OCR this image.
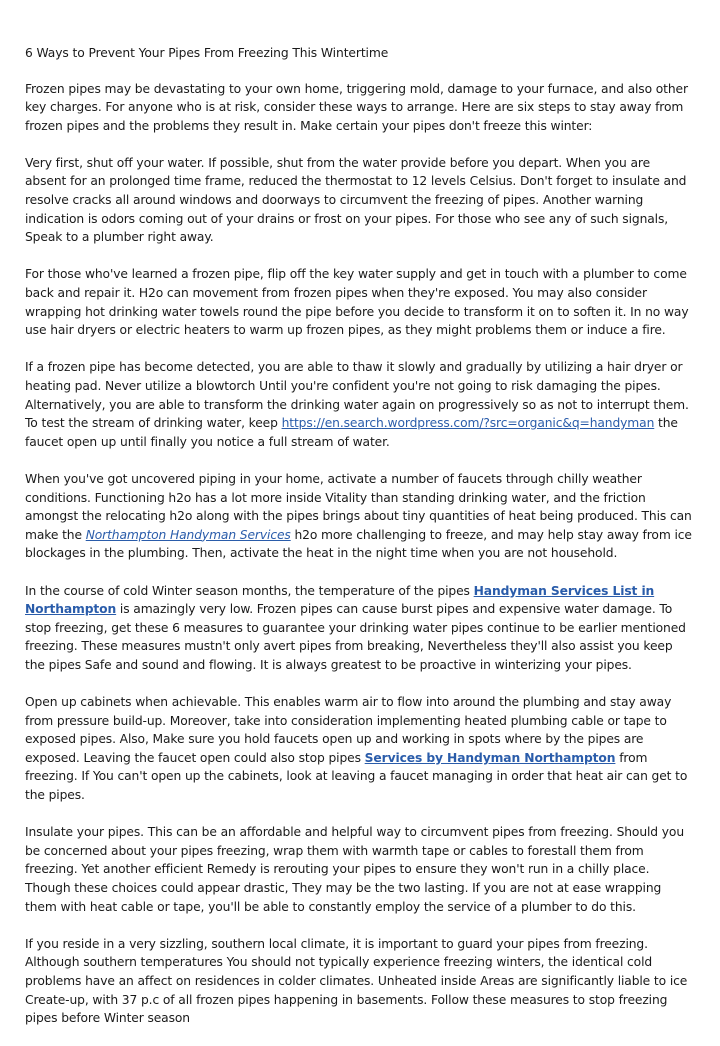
6 Ways to Prevent Your Pipes From Freezing This Wintertime

Frozen pipes may be devastating to your own home, triggering mold, damage to your furnace, and also other key charges. For anyone who is at risk, consider these ways to arrange. Here are six steps to stay away from frozen pipes and the problems they result in. Make certain your pipes don't freeze this winter:

Very first, shut off your water. If possible, shut from the water provide before you depart. When you are absent for an prolonged time frame, reduced the thermostat to 12 levels Celsius. Don't forget to insulate and resolve cracks all around windows and doorways to circumvent the freezing of pipes. Another warning indication is odors coming out of your drains or frost on your pipes. For those who see any of such signals, Speak to a plumber right away.

For those who've learned a frozen pipe, flip off the key water supply and get in touch with a plumber to come back and repair it. H2o can movement from frozen pipes when they're exposed. You may also consider wrapping hot drinking water towels round the pipe before you decide to transform it on to soften it. In no way use hair dryers or electric heaters to warm up frozen pipes, as they might problems them or induce a fire.

If a frozen pipe has become detected, you are able to thaw it slowly and gradually by utilizing a hair dryer or heating pad. Never utilize a blowtorch Until you're confident you're not going to risk damaging the pipes. Alternatively, you are able to transform the drinking water again on progressively so as not to interrupt them. To test the stream of drinking water, keep https://en.search.wordpress.com/?src=organic&q=handyman the faucet open up until finally you notice a full stream of water.

When you've got uncovered piping in your home, activate a number of faucets through chilly weather conditions. Functioning h2o has a lot more inside Vitality than standing drinking water, and the friction amongst the relocating h2o along with the pipes brings about tiny quantities of heat being produced. This can make the Northampton Handyman Services h2o more challenging to freeze, and may help stay away from ice blockages in the plumbing. Then, activate the heat in the night time when you are not household.

In the course of cold Winter season months, the temperature of the pipes Handyman Services List in Northampton is amazingly very low. Frozen pipes can cause burst pipes and expensive water damage. To stop freezing, get these 6 measures to guarantee your drinking water pipes continue to be earlier mentioned freezing. These measures mustn't only avert pipes from breaking, Nevertheless they'll also assist you keep the pipes Safe and sound and flowing. It is always greatest to be proactive in winterizing your pipes.

Open up cabinets when achievable. This enables warm air to flow into around the plumbing and stay away from pressure build-up. Moreover, take into consideration implementing heated plumbing cable or tape to exposed pipes. Also, Make sure you hold faucets open up and working in spots where by the pipes are exposed. Leaving the faucet open could also stop pipes Services by Handyman Northampton from freezing. If You can't open up the cabinets, look at leaving a faucet managing in order that heat air can get to the pipes.

Insulate your pipes. This can be an affordable and helpful way to circumvent pipes from freezing. Should you be concerned about your pipes freezing, wrap them with warmth tape or cables to forestall them from freezing. Yet another efficient Remedy is rerouting your pipes to ensure they won't run in a chilly place. Though these choices could appear drastic, They may be the two lasting. If you are not at ease wrapping them with heat cable or tape, you'll be able to constantly employ the service of a plumber to do this.

If you reside in a very sizzling, southern local climate, it is important to guard your pipes from freezing. Although southern temperatures You should not typically experience freezing winters, the identical cold problems have an affect on residences in colder climates. Unheated inside Areas are significantly liable to ice Create-up, with 37 p.c of all frozen pipes happening in basements. Follow these measures to stop freezing pipes before Winter season
